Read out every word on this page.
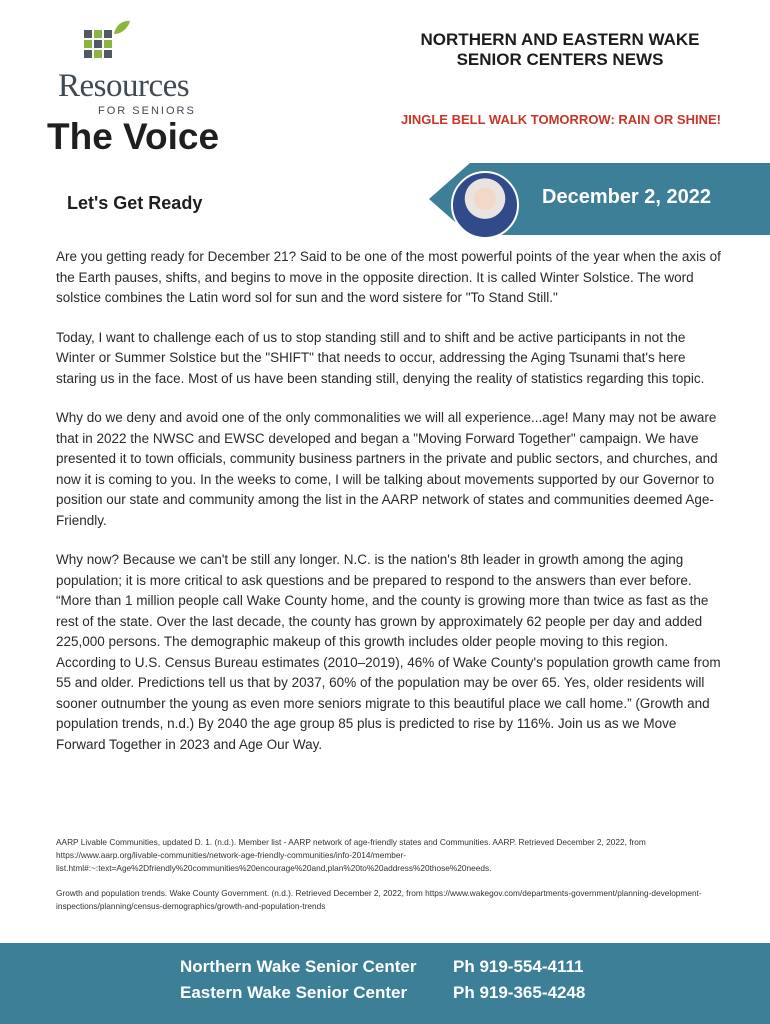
Resources
FOR SENIORS
The Voice
NORTHERN AND EASTERN WAKE
SENIOR CENTERS NEWS
JINGLE BELL WALK TOMORROW: RAIN OR SHINE!
Let's Get Ready	December 2, 2022

Are you getting ready for December 21? Said to be one of the most powerful points of the year when the axis of the Earth pauses, shifts, and begins to move in the opposite direction. It is called Winter Solstice. The word solstice combines the Latin word sol for sun and the word sistere for "To Stand Still."

Today, I want to challenge each of us to stop standing still and to shift and be active participants in not the Winter or Summer Solstice but the "SHIFT" that needs to occur, addressing the Aging Tsunami that's here staring us in the face. Most of us have been standing still, denying the reality of statistics regarding this topic.

Why do we deny and avoid one of the only commonalities we will all experience...age! Many may not be aware that in 2022 the NWSC and EWSC developed and began a "Moving Forward Together" campaign. We have presented it to town officials, community business partners in the private and public sectors, and churches, and now it is coming to you. In the weeks to come, I will be talking about movements supported by our Governor to position our state and community among the list in the AARP network of states and communities deemed Age-Friendly.

Why now? Because we can't be still any longer. N.C. is the nation's 8th leader in growth among the aging population; it is more critical to ask questions and be prepared to respond to the answers than ever before. “More than 1 million people call Wake County home, and the county is growing more than twice as fast as the rest of the state. Over the last decade, the county has grown by approximately 62 people per day and added 225,000 persons. The demographic makeup of this growth includes older people moving to this region. According to U.S. Census Bureau estimates (2010–2019), 46% of Wake County's population growth came from 55 and older. Predictions tell us that by 2037, 60% of the population may be over 65. Yes, older residents will sooner outnumber the young as even more seniors migrate to this beautiful place we call home.” (Growth and population trends, n.d.) By 2040 the age group 85 plus is predicted to rise by 116%. Join us as we Move Forward Together in 2023 and Age Our Way.

AARP Livable Communities, updated D. 1. (n.d.). Member list - AARP network of age-friendly states and Communities. AARP. Retrieved December 2, 2022, from https://www.aarp.org/livable-communities/network-age-friendly-communities/info-2014/member-list.html#:~:text=Age%2Dfriendly%20communities%20encourage%20and,plan%20to%20address%20those%20needs.

Growth and population trends. Wake County Government. (n.d.). Retrieved December 2, 2022, from https://www.wakegov.com/departments-government/planning-development-inspections/planning/census-demographics/growth-and-population-trends

Northern Wake Senior Center Ph 919-554-4111
Eastern Wake Senior Center	Ph 919-365-4248
